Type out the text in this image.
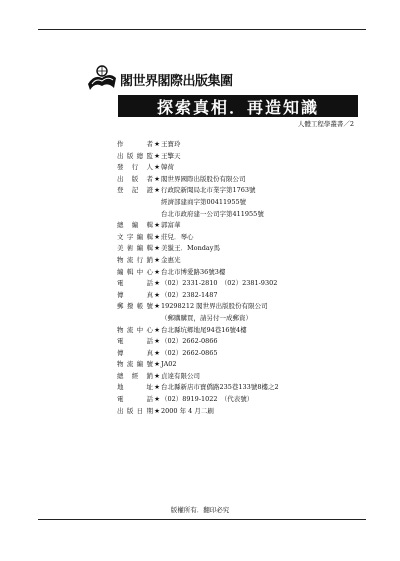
閣世界閣際出版集圍
探索真相．再造知識
人體工程學叢書／2
作	者 ★ 王寶玲
出 版 總 監 ★ 王擎天
發 行 人 ★ 韓荷
出 版 者 ★ 閣世界國際出版股份有限公司
登 記 證 ★ 行政院新聞局北市業字第1763號
經濟部建商字第00411955號
台北市政府建一公司字第411955號
總 編 輯 ★ 郭富華
文 字 編 輯 ★ 莊兒．琴心
美 術 編 輯 ★ 美鬣王．Monday馬
物 流 行 銷 ★ 金惠光
編 輯 中 心 ★ 台北市博愛路36號3樓
電	話 ★ （02）2331-2810　（02）2381-9302
傳	真 ★ （02）2382-1487
郵 撥 帳 號 ★ 19298212 閣世界出版股份有限公司
（郵購購買，請另付一成郵資）
物 流 中 心 ★ 台北縣坑鄉地尾94巷16號4樓
電	話 ★ （02）2662-0866
傳	真 ★ （02）2662-0865
物 流 編 號 ★ JA02
總 經 銷 ★ 貞達有限公司
地	址 ★ 台北縣新店市寶僑路235巷133號8樓之2
電	話 ★ （02）8919-1022　（代表號）
出 版 日 期 ★ 2000 年 4 月二刷
版權所有．翻印必究
